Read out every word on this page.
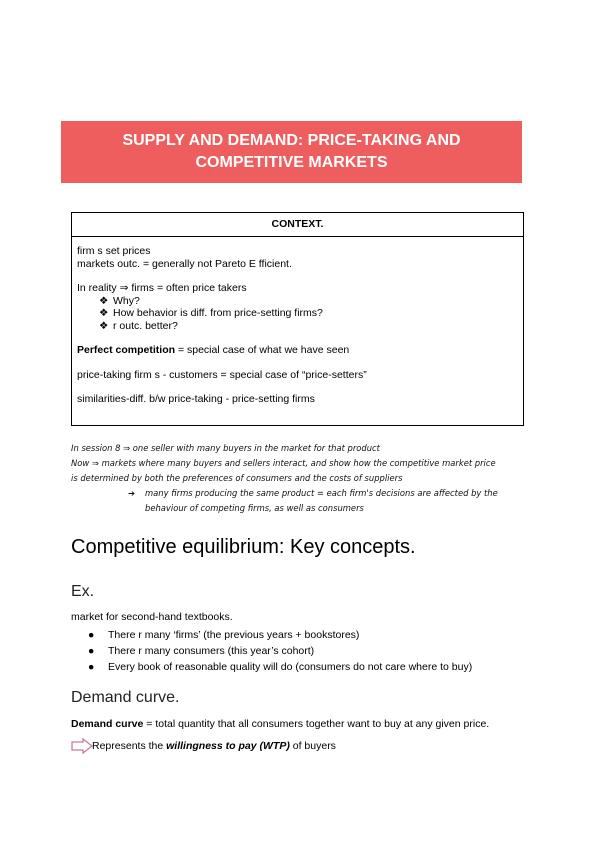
SUPPLY AND DEMAND: PRICE-TAKING AND
COMPETITIVE MARKETS
CONTEXT.

firm s set prices

markets outc. = generally not Pareto E fficient.

In reality ⇒ firms = often price takers

❖ Why?
❖ How behavior is diff. from price-setting firms?
❖ r outc. better?

Perfect competition = special case of what we have seen

price-taking firm s - customers = special case of “price-setters”

similarities-diff. b/w price-taking - price-setting firms

In session 8 ⇒ one seller with many buyers in the market for that product

Now ⇒ markets where many buyers and sellers interact, and show how the competitive market price

is determined by both the preferences of consumers and the costs of suppliers

➔ many firms producing the same product = each firm's decisions are affected by the
behaviour of competing firms, as well as consumers
Competitive equilibrium: Key concepts.
Ex.
market for second-hand textbooks.
● There r many ‘firms’ (the previous years + bookstores)
● There r many consumers (this year’s cohort)
● Every book of reasonable quality will do (consumers do not care where to buy)
Demand curve.
Demand curve = total quantity that all consumers together want to buy at any given price.
Represents the willingness to pay (WTP) of buyers
